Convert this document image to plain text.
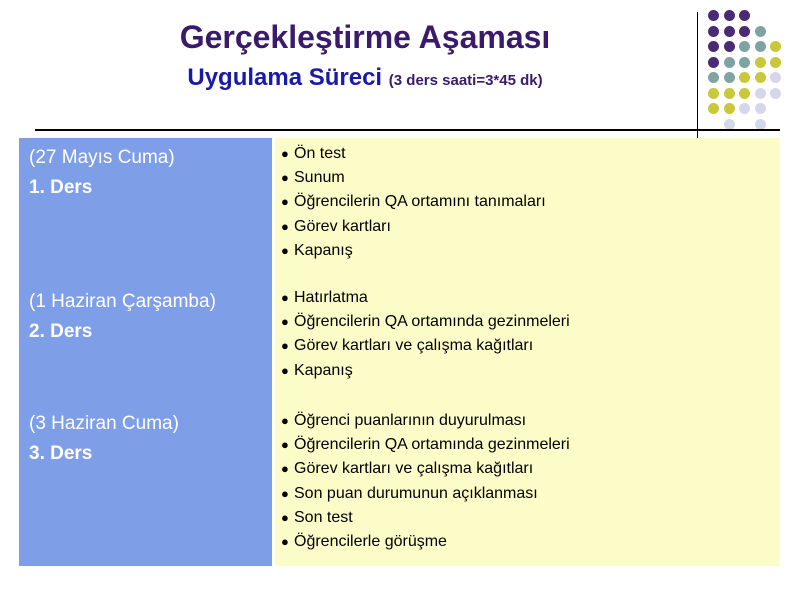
Gerçekleştirme Aşaması
Uygulama Süreci (3 ders saati=3*45 dk)
(27 Mayıs Cuma)
1. Ders
● Ön test
● Sunum
● Öğrencilerin QA ortamını tanımaları
● Görev kartları
● Kapanış
(1 Haziran Çarşamba)
2. Ders
● Hatırlatma
● Öğrencilerin QA ortamında gezinmeleri
● Görev kartları ve çalışma kağıtları
● Kapanış
(3 Haziran Cuma)
3. Ders
● Öğrenci puanlarının duyurulması
● Öğrencilerin QA ortamında gezinmeleri
● Görev kartları ve çalışma kağıtları
● Son puan durumunun açıklanması
● Son test
● Öğrencilerle görüşme
